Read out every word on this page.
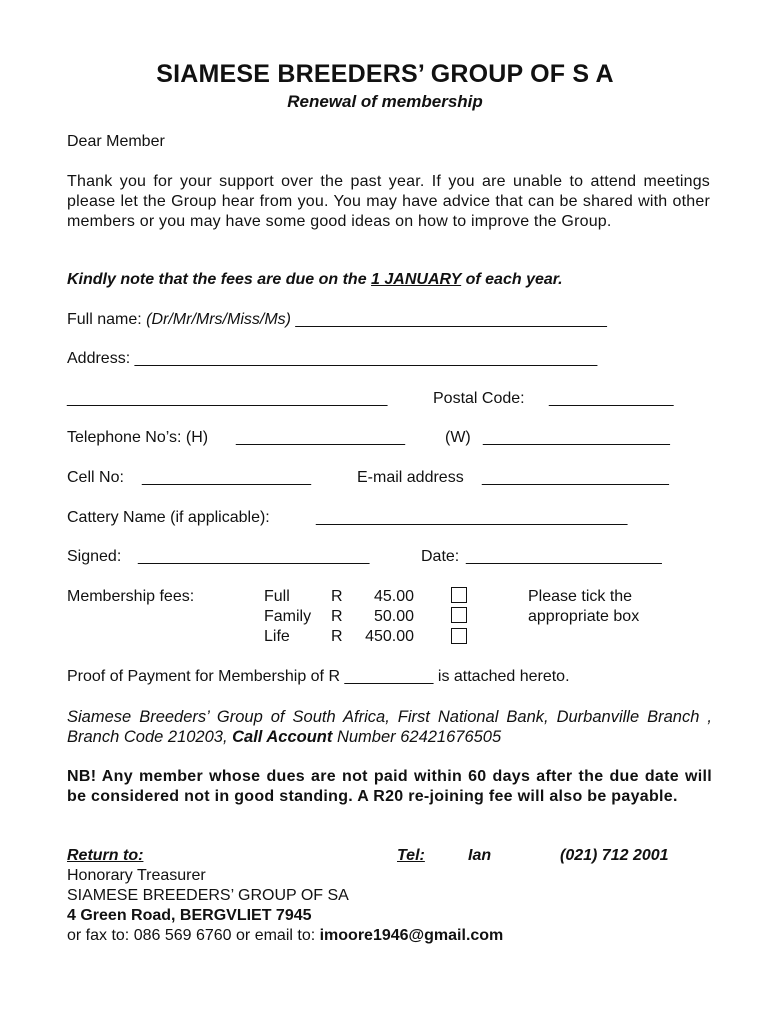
SIAMESE BREEDERS’ GROUP OF S A
Renewal of membership
Dear Member
Thank you for your support over the past year. If you are unable to attend meetings please let the Group hear from you. You may have advice that can be shared with other members or you may have some good ideas on how to improve the Group.
Kindly note that the fees are due on the 1 JANUARY of each year.
Full name: (Dr/Mr/Mrs/Miss/Ms) ___________________________________
Address: ____________________________________________________
____________________________________	Postal Code: ______________
Telephone No’s: (H) ___________________ (W) _____________________
Cell No: ___________________	E-mail address _____________________
Cattery Name (if applicable):	___________________________________
Signed: __________________________	Date: ______________________
Membership fees:	Full	R	45.00
Family R	50.00
Life	R	450.00
Please tick the
appropriate box
Proof of Payment for Membership of R __________ is attached hereto.
Siamese Breeders’ Group of South Africa, First National Bank, Durbanville Branch , Branch Code 210203, Call Account Number 62421676505
NB! Any member whose dues are not paid within 60 days after the due date will be considered not in good standing. A R20 re-joining fee will also be payable.
Return to:	Tel:	Ian	(021) 712 2001
Honorary Treasurer
SIAMESE BREEDERS’ GROUP OF SA
4 Green Road, BERGVLIET 7945
or fax to: 086 569 6760 or email to: imoore1946@gmail.com
